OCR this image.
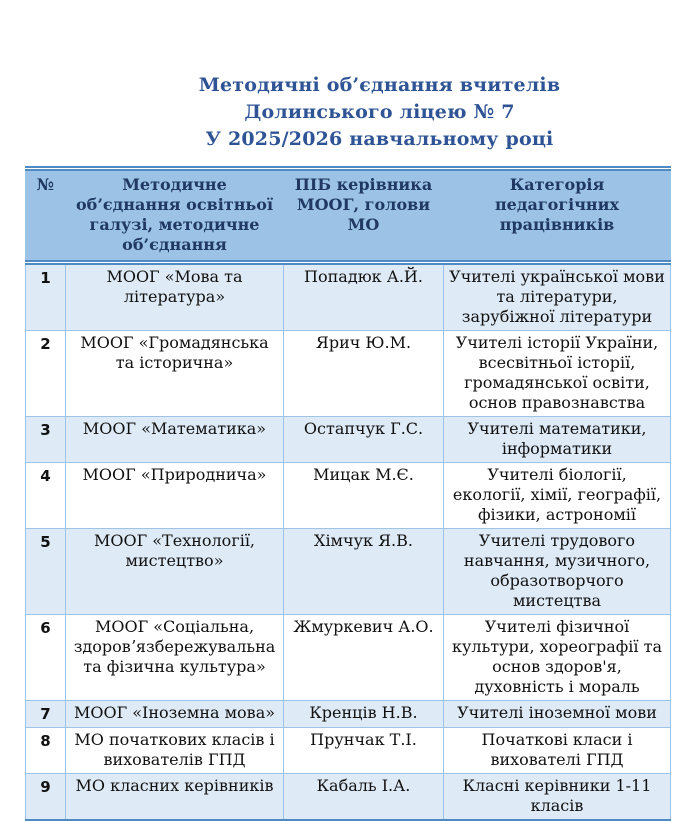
Методичні об’єднання вчителів
Долинського ліцею № 7
У 2025/2026 навчальному році
№	Методичне об’єднання освітньої галузі, методичне об’єднання	ПІБ керівника МООГ, голови МО	Категорія педагогічних працівників
1	МООГ «Мова та література»	Попадюк А.Й.	Учителі української мови та літератури, зарубіжної літератури
2	МООГ «Громадянська та історична»	Ярич Ю.М.	Учителі історії України, всесвітньої історії, громадянської освіти, основ правознавства
3	МООГ «Математика»	Остапчук Г.С.	Учителі математики, інформатики
4	МООГ «Природнича»	Мицак М.Є.	Учителі біології, екології, хімії, географії, фізики, астрономії
5	МООГ «Технології, мистецтво»	Хімчук Я.В.	Учителі трудового навчання, музичного, образотворчого мистецтва
6	МООГ «Соціальна, здоровʼязбережувальна та фізична культура»	Жмуркевич А.О.	Учителі фізичної культури, хореографії та основ здоров'я, духовність і мораль
7	МООГ «Іноземна мова»	Кренців Н.В.	Учителі іноземної мови
8	МО початкових класів і вихователів ГПД	Прунчак Т.І.	Початкові класи і вихователі ГПД
9	МО класних керівників	Кабаль І.А.	Класні керівники 1-11 класів
